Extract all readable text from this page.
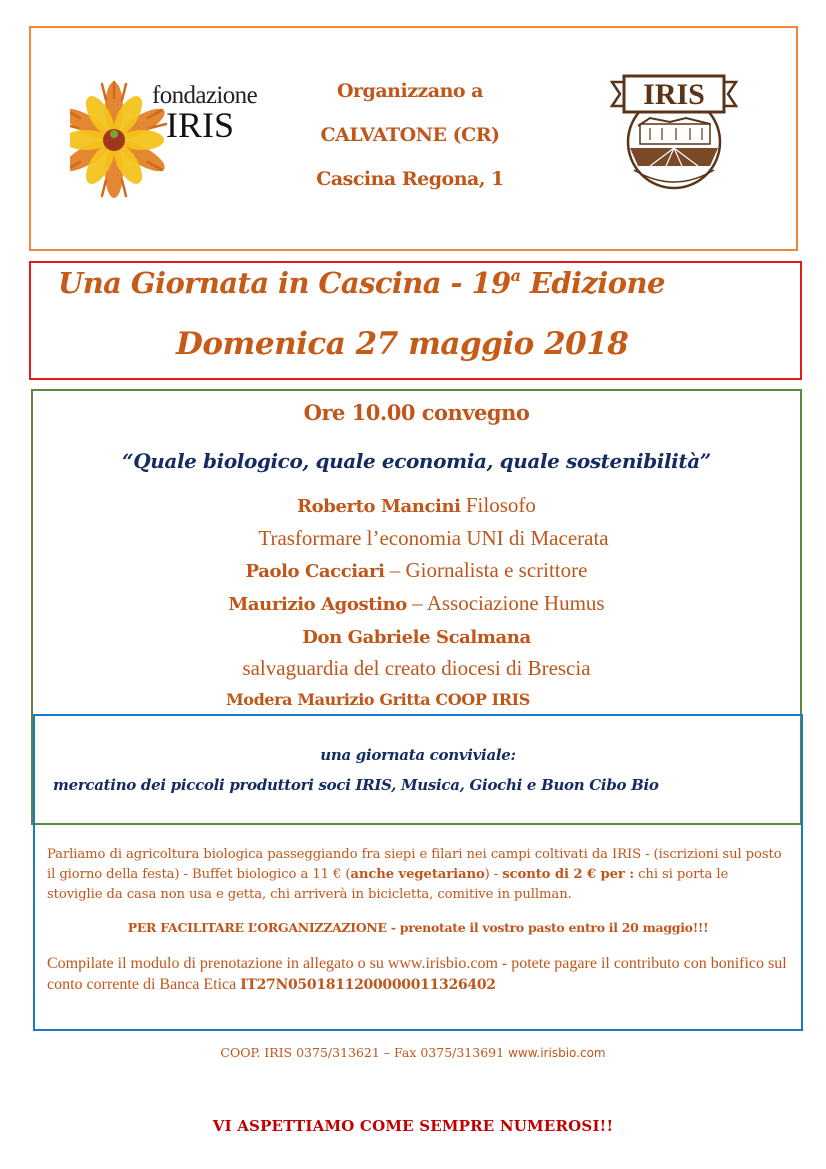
fondazione
IRIS
Organizzano a
CALVATONE (CR)
Cascina Regona, 1
IRIS
Una Giornata in Cascina - 19$^a$ Edizione
Domenica 27 maggio 2018
Ore 10.00 convegno
“Quale biologico, quale economia, quale sostenibilità”
Roberto Mancini Filosofo
Trasformare l’economia UNI di Macerata
Paolo Cacciari – Giornalista e scrittore
Maurizio Agostino – Associazione Humus
Don Gabriele Scalmana
salvaguardia del creato diocesi di Brescia
Modera Maurizio Gritta COOP IRIS
una giornata conviviale:
mercatino dei piccoli produttori soci IRIS, Musica, Giochi e Buon Cibo Bio
Parliamo di agricoltura biologica passeggiando fra siepi e filari nei campi coltivati da IRIS - (iscrizioni sul posto il giorno della festa) - Buffet biologico a 11 € (anche vegetariano) - sconto di 2 € per : chi si porta le stoviglie da casa non usa e getta, chi arriverà in bicicletta, comitive in pullman.
PER FACILITARE L’ORGANIZZAZIONE - prenotate il vostro pasto entro il 20 maggio!!!
Compilate il modulo di prenotazione in allegato o su www.irisbio.com - potete pagare il contributo con bonifico sul conto corrente di Banca Etica IT27N0501811200000011326402
COOP. IRIS 0375/313621 – Fax 0375/313691 www.irisbio.com
VI ASPETTIAMO COME SEMPRE NUMEROSI!!
